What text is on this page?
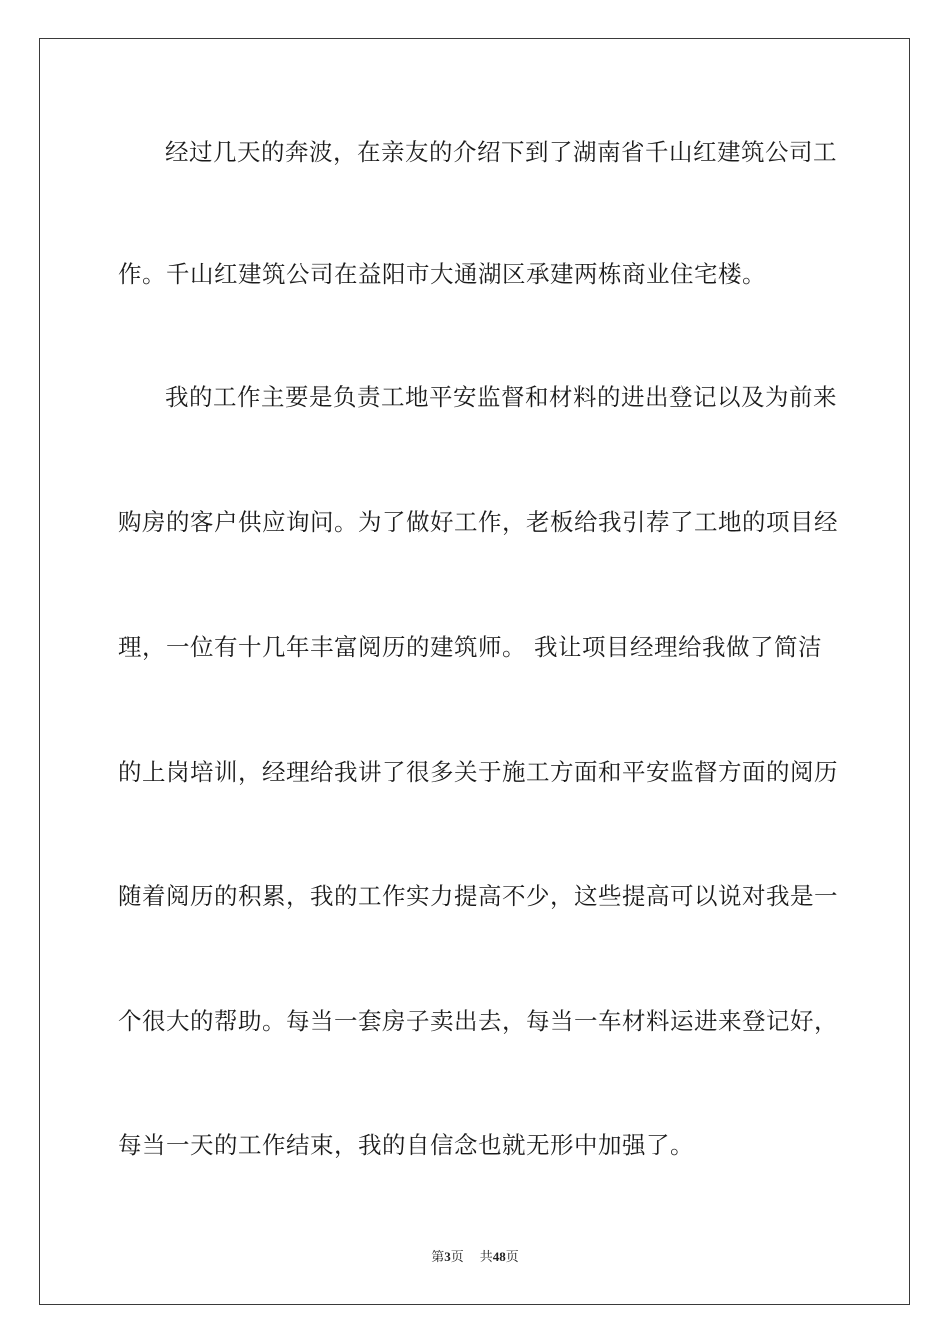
经过几天的奔波，在亲友的介绍下到了湖南省千山红建筑公司工
作。千山红建筑公司在益阳市大通湖区承建两栋商业住宅楼。
我的工作主要是负责工地平安监督和材料的进出登记以及为前来
购房的客户供应询问。为了做好工作，老板给我引荐了工地的项目经
理，一位有十几年丰富阅历的建筑师。 我让项目经理给我做了简洁
的上岗培训，经理给我讲了很多关于施工方面和平安监督方面的阅历
随着阅历的积累，我的工作实力提高不少，这些提高可以说对我是一
个很大的帮助。每当一套房子卖出去，每当一车材料运进来登记好，
每当一天的工作结束，我的自信念也就无形中加强了。
第3页 共48页
